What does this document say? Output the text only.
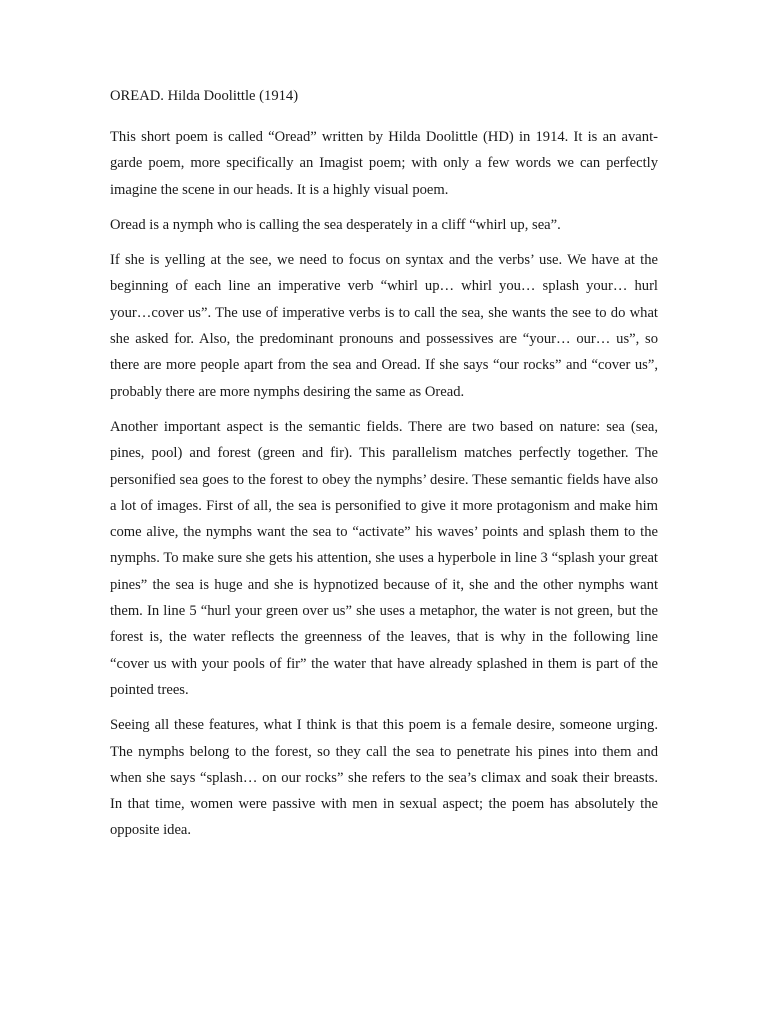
OREAD. Hilda Doolittle (1914)

This short poem is called “Oread” written by Hilda Doolittle (HD) in 1914. It is an avant-garde poem, more specifically an Imagist poem; with only a few words we can perfectly imagine the scene in our heads. It is a highly visual poem.

Oread is a nymph who is calling the sea desperately in a cliff “whirl up, sea”.

If she is yelling at the see, we need to focus on syntax and the verbs’ use. We have at the beginning of each line an imperative verb “whirl up… whirl you… splash your… hurl your…cover us”. The use of imperative verbs is to call the sea, she wants the see to do what she asked for. Also, the predominant pronouns and possessives are “your… our… us”, so there are more people apart from the sea and Oread. If she says “our rocks” and “cover us”, probably there are more nymphs desiring the same as Oread.

Another important aspect is the semantic fields. There are two based on nature: sea (sea, pines, pool) and forest (green and fir). This parallelism matches perfectly together. The personified sea goes to the forest to obey the nymphs’ desire. These semantic fields have also a lot of images. First of all, the sea is personified to give it more protagonism and make him come alive, the nymphs want the sea to “activate” his waves’ points and splash them to the nymphs. To make sure she gets his attention, she uses a hyperbole in line 3 “splash your great pines” the sea is huge and she is hypnotized because of it, she and the other nymphs want them. In line 5 “hurl your green over us” she uses a metaphor, the water is not green, but the forest is, the water reflects the greenness of the leaves, that is why in the following line “cover us with your pools of fir” the water that have already splashed in them is part of the pointed trees.

Seeing all these features, what I think is that this poem is a female desire, someone urging. The nymphs belong to the forest, so they call the sea to penetrate his pines into them and when she says “splash… on our rocks” she refers to the sea’s climax and soak their breasts. In that time, women were passive with men in sexual aspect; the poem has absolutely the opposite idea.
